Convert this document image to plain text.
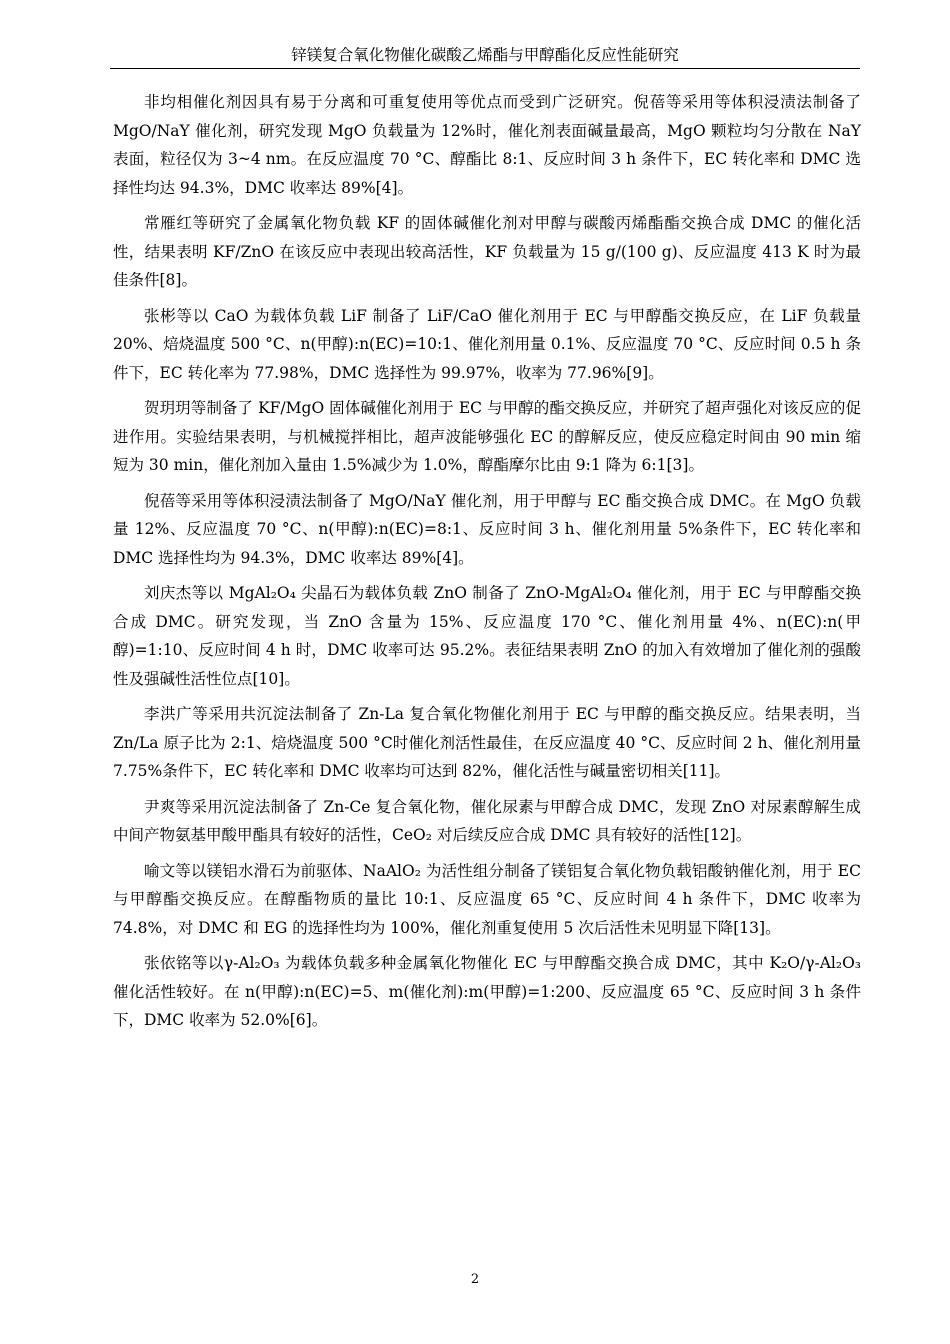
锌镁复合氧化物催化碳酸乙烯酯与甲醇酯化反应性能研究

非均相催化剂因具有易于分离和可重复使用等优点而受到广泛研究。倪蓓等采用等体积浸渍法制备了 MgO/NaY 催化剂，研究发现 MgO 负载量为 12%时，催化剂表面碱量最高，MgO 颗粒均匀分散在 NaY 表面，粒径仅为 3~4 nm。在反应温度 70 °C、醇酯比 8:1、反应时间 3 h 条件下，EC 转化率和 DMC 选择性均达 94.3%，DMC 收率达 89%[4]。

常雁红等研究了金属氧化物负载 KF 的固体碱催化剂对甲醇与碳酸丙烯酯酯交换合成 DMC 的催化活性，结果表明 KF/ZnO 在该反应中表现出较高活性，KF 负载量为 15 g/(100 g)、反应温度 413 K 时为最佳条件[8]。

张彬等以 CaO 为载体负载 LiF 制备了 LiF/CaO 催化剂用于 EC 与甲醇酯交换反应，在 LiF 负载量 20%、焙烧温度 500 °C、n(甲醇):n(EC)=10:1、催化剂用量 0.1%、反应温度 70 °C、反应时间 0.5 h 条件下，EC 转化率为 77.98%，DMC 选择性为 99.97%，收率为 77.96%[9]。

贺玥玥等制备了 KF/MgO 固体碱催化剂用于 EC 与甲醇的酯交换反应，并研究了超声强化对该反应的促进作用。实验结果表明，与机械搅拌相比，超声波能够强化 EC 的醇解反应，使反应稳定时间由 90 min 缩短为 30 min，催化剂加入量由 1.5%减少为 1.0%，醇酯摩尔比由 9:1 降为 6:1[3]。

倪蓓等采用等体积浸渍法制备了 MgO/NaY 催化剂，用于甲醇与 EC 酯交换合成 DMC。在 MgO 负载量 12%、反应温度 70 °C、n(甲醇):n(EC)=8:1、反应时间 3 h、催化剂用量 5%条件下，EC 转化率和 DMC 选择性均为 94.3%，DMC 收率达 89%[4]。

刘庆杰等以 MgAl₂O₄ 尖晶石为载体负载 ZnO 制备了 ZnO-MgAl₂O₄ 催化剂，用于 EC 与甲醇酯交换合成 DMC。研究发现，当 ZnO 含量为 15%、反应温度 170 °C、催化剂用量 4%、n(EC):n(甲醇)=1:10、反应时间 4 h 时，DMC 收率可达 95.2%。表征结果表明 ZnO 的加入有效增加了催化剂的强酸性及强碱性活性位点[10]。

李洪广等采用共沉淀法制备了 Zn-La 复合氧化物催化剂用于 EC 与甲醇的酯交换反应。结果表明，当 Zn/La 原子比为 2:1、焙烧温度 500 °C时催化剂活性最佳，在反应温度 40 °C、反应时间 2 h、催化剂用量 7.75%条件下，EC 转化率和 DMC 收率均可达到 82%，催化活性与碱量密切相关[11]。

尹爽等采用沉淀法制备了 Zn-Ce 复合氧化物，催化尿素与甲醇合成 DMC，发现 ZnO 对尿素醇解生成中间产物氨基甲酸甲酯具有较好的活性，CeO₂ 对后续反应合成 DMC 具有较好的活性[12]。

喻文等以镁铝水滑石为前驱体、NaAlO₂ 为活性组分制备了镁铝复合氧化物负载铝酸钠催化剂，用于 EC 与甲醇酯交换反应。在醇酯物质的量比 10:1、反应温度 65 °C、反应时间 4 h 条件下，DMC 收率为 74.8%，对 DMC 和 EG 的选择性均为 100%，催化剂重复使用 5 次后活性未见明显下降[13]。

张依铭等以γ-Al₂O₃ 为载体负载多种金属氧化物催化 EC 与甲醇酯交换合成 DMC，其中 K₂O/γ-Al₂O₃ 催化活性较好。在 n(甲醇):n(EC)=5、m(催化剂):m(甲醇)=1:200、反应温度 65 °C、反应时间 3 h 条件下，DMC 收率为 52.0%[6]。

2
